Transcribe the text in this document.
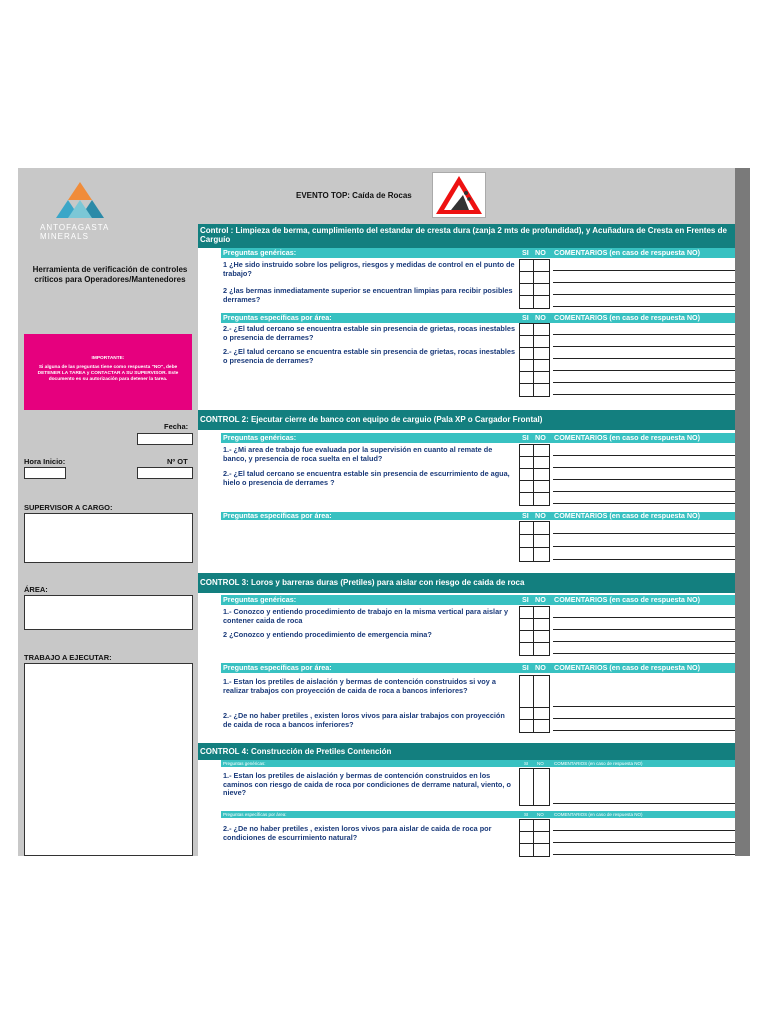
EVENTO TOP: Caída de Rocas
ANTOFAGASTA
MINERALS
Herramienta de verificación de controles críticos para Operadores/Mantenedores
IMPORTANTE:
Si alguna de las preguntas tiene como respuesta "NO", debe DETENER LA TAREA y CONTACTAR A SU SUPERVISOR. Este documento es su autorización para detener la tarea.
Fecha:
Hora Inicio:	Nº OT
SUPERVISOR A CARGO:
ÁREA:
TRABAJO A EJECUTAR:
Control : Limpieza de berma, cumplimiento del estandar de cresta dura (zanja 2 mts de profundidad), y Acuñadura de Cresta en Frentes de Carguío
Preguntas genéricas:	SI NO COMENTARIOS (en caso de respuesta NO)
1 ¿He sido instruido sobre los peligros, riesgos y medidas de control en el punto de trabajo?
2 ¿las bermas inmediatamente superior se encuentran limpias para recibir posibles derrames?
Preguntas específicas por área:	SI NO COMENTARIOS (en caso de respuesta NO)
2.- ¿El talud cercano se encuentra estable sin presencia de grietas, rocas inestables o presencia de derrames?
2.- ¿El talud cercano se encuentra estable sin presencia de grietas, rocas inestables o presencia de derrames?
CONTROL 2: Ejecutar cierre de banco con equipo de carguio (Pala XP o Cargador Frontal)
Preguntas genéricas:	SI NO COMENTARIOS (en caso de respuesta NO)
1.- ¿Mi area de trabajo fue evaluada por la supervisión en cuanto al remate de banco, y presencia de roca suelta en el talud?
2.- ¿El talud cercano se encuentra estable sin presencia de escurrimiento de agua, hielo o presencia de derrames ?
Preguntas específicas por área:	SI NO COMENTARIOS (en caso de respuesta NO)
CONTROL 3: Loros y barreras duras (Pretiles) para aislar con riesgo de caida de roca
Preguntas genéricas:	SI NO COMENTARIOS (en caso de respuesta NO)
1.- Conozco y entiendo procedimiento de trabajo en la misma vertical para aislar y contener caida de roca
2 ¿Conozco y entiendo procedimiento de emergencia mina?
Preguntas específicas por área:	SI NO COMENTARIOS (en caso de respuesta NO)
1.- Estan los pretiles de aislación y bermas de contención construidos si voy a realizar trabajos con proyección de caida de roca a bancos inferiores?
2.- ¿De no haber pretiles , existen loros vivos para aislar trabajos con proyección de caida de roca a bancos inferiores?
CONTROL 4: Construcción de Pretiles Contención
Preguntas genéricas:	SI NO COMENTARIOS (en caso de respuesta NO)
1.- Estan los pretiles de aislación y bermas de contención construidos en los caminos con riesgo de caida de roca por condiciones de derrame natural, viento, o nieve?
Preguntas específicas por área:	SI NO COMENTARIOS (en caso de respuesta NO)
2.- ¿De no haber pretiles , existen loros vivos para aislar de caida de roca por condiciones de escurrimiento natural?
